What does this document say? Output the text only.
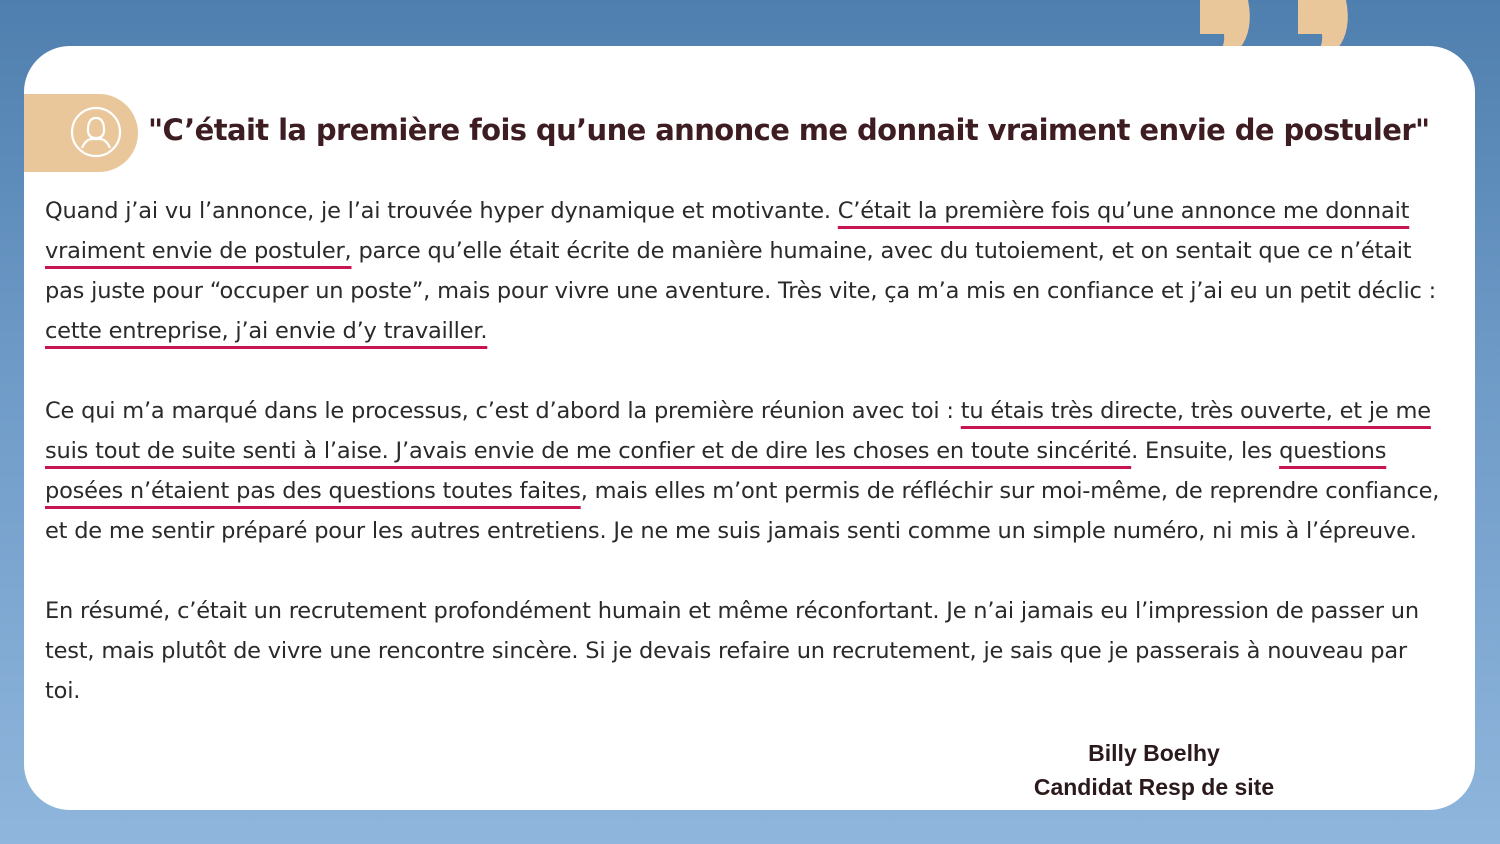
"C’était la première fois qu’une annonce me donnait vraiment envie de postuler"

Quand j’ai vu l’annonce, je l’ai trouvée hyper dynamique et motivante. C’était la première fois qu’une annonce me donnait vraiment envie de postuler, parce qu’elle était écrite de manière humaine, avec du tutoiement, et on sentait que ce n’était pas juste pour “occuper un poste”, mais pour vivre une aventure. Très vite, ça m’a mis en confiance et j’ai eu un petit déclic : cette entreprise, j’ai envie d’y travailler.

Ce qui m’a marqué dans le processus, c’est d’abord la première réunion avec toi : tu étais très directe, très ouverte, et je me suis tout de suite senti à l’aise. J’avais envie de me confier et de dire les choses en toute sincérité. Ensuite, les questions posées n’étaient pas des questions toutes faites, mais elles m’ont permis de réfléchir sur moi-même, de reprendre confiance, et de me sentir préparé pour les autres entretiens. Je ne me suis jamais senti comme un simple numéro, ni mis à l’épreuve.

En résumé, c’était un recrutement profondément humain et même réconfortant. Je n’ai jamais eu l’impression de passer un test, mais plutôt de vivre une rencontre sincère. Si je devais refaire un recrutement, je sais que je passerais à nouveau par toi.

Billy Boelhy
Candidat Resp de site
